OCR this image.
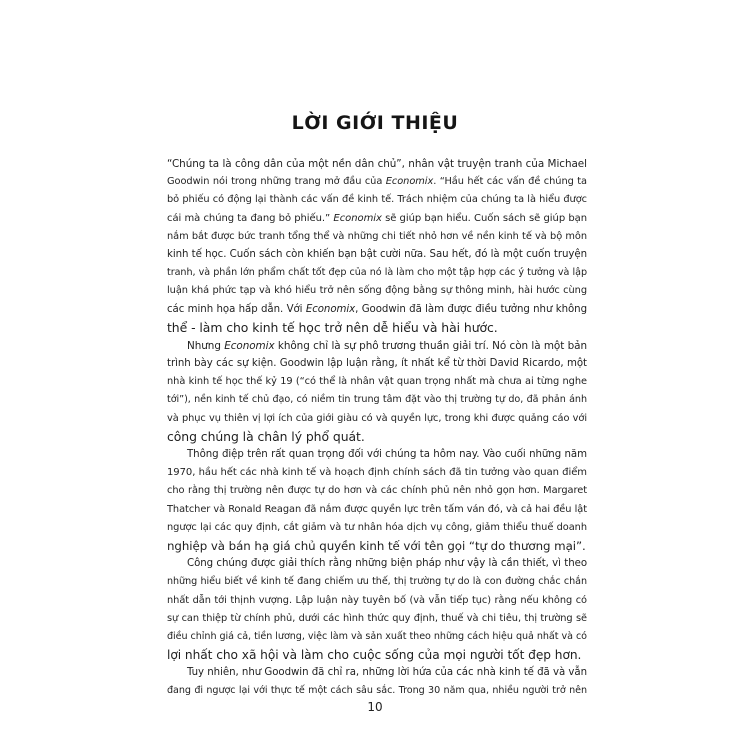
LỜI GIỚI THIỆU
“Chúng ta là công dân của một nền dân chủ”, nhân vật truyện tranh của Michael
Goodwin nói trong những trang mở đầu của Economix. “Hầu hết các vấn đề chúng ta
bỏ phiếu có động lại thành các vấn đề kinh tế. Trách nhiệm của chúng ta là hiểu được
cái mà chúng ta đang bỏ phiếu.” Economix sẽ giúp bạn hiểu. Cuốn sách sẽ giúp bạn
nắm bắt được bức tranh tổng thể và những chi tiết nhỏ hơn về nền kinh tế và bộ môn
kinh tế học. Cuốn sách còn khiến bạn bật cười nữa. Sau hết, đó là một cuốn truyện
tranh, và phần lớn phẩm chất tốt đẹp của nó là làm cho một tập hợp các ý tưởng và lập
luận khá phức tạp và khó hiểu trở nên sống động bằng sự thông minh, hài hước cùng
các minh họa hấp dẫn. Với Economix, Goodwin đã làm được điều tưởng như không
thể - làm cho kinh tế học trở nên dễ hiểu và hài hước.
Nhưng Economix không chỉ là sự phô trương thuần giải trí. Nó còn là một bản
trình bày các sự kiện. Goodwin lập luận rằng, ít nhất kể từ thời David Ricardo, một
nhà kinh tế học thế kỷ 19 (“có thể là nhân vật quan trọng nhất mà chưa ai từng nghe
tới”), nền kinh tế chủ đạo, có niềm tin trung tâm đặt vào thị trường tự do, đã phản ánh
và phục vụ thiên vị lợi ích của giới giàu có và quyền lực, trong khi được quảng cáo với
công chúng là chân lý phổ quát.
Thông điệp trên rất quan trọng đối với chúng ta hôm nay. Vào cuối những năm
1970, hầu hết các nhà kinh tế và hoạch định chính sách đã tin tưởng vào quan điểm
cho rằng thị trường nên được tự do hơn và các chính phủ nên nhỏ gọn hơn. Margaret
Thatcher và Ronald Reagan đã nắm được quyền lực trên tấm ván đó, và cả hai đều lật
ngược lại các quy định, cắt giảm và tư nhân hóa dịch vụ công, giảm thiểu thuế doanh
nghiệp và bán hạ giá chủ quyền kinh tế với tên gọi “tự do thương mại”.
Công chúng được giải thích rằng những biện pháp như vậy là cần thiết, vì theo
những hiểu biết về kinh tế đang chiếm ưu thế, thị trường tự do là con đường chắc chắn
nhất dẫn tới thịnh vượng. Lập luận này tuyên bố (và vẫn tiếp tục) rằng nếu không có
sự can thiệp từ chính phủ, dưới các hình thức quy định, thuế và chi tiêu, thị trường sẽ
điều chỉnh giá cả, tiền lương, việc làm và sản xuất theo những cách hiệu quả nhất và có
lợi nhất cho xã hội và làm cho cuộc sống của mọi người tốt đẹp hơn.
Tuy nhiên, như Goodwin đã chỉ ra, những lời hứa của các nhà kinh tế đã và vẫn
đang đi ngược lại với thực tế một cách sâu sắc. Trong 30 năm qua, nhiều người trở nên
10
